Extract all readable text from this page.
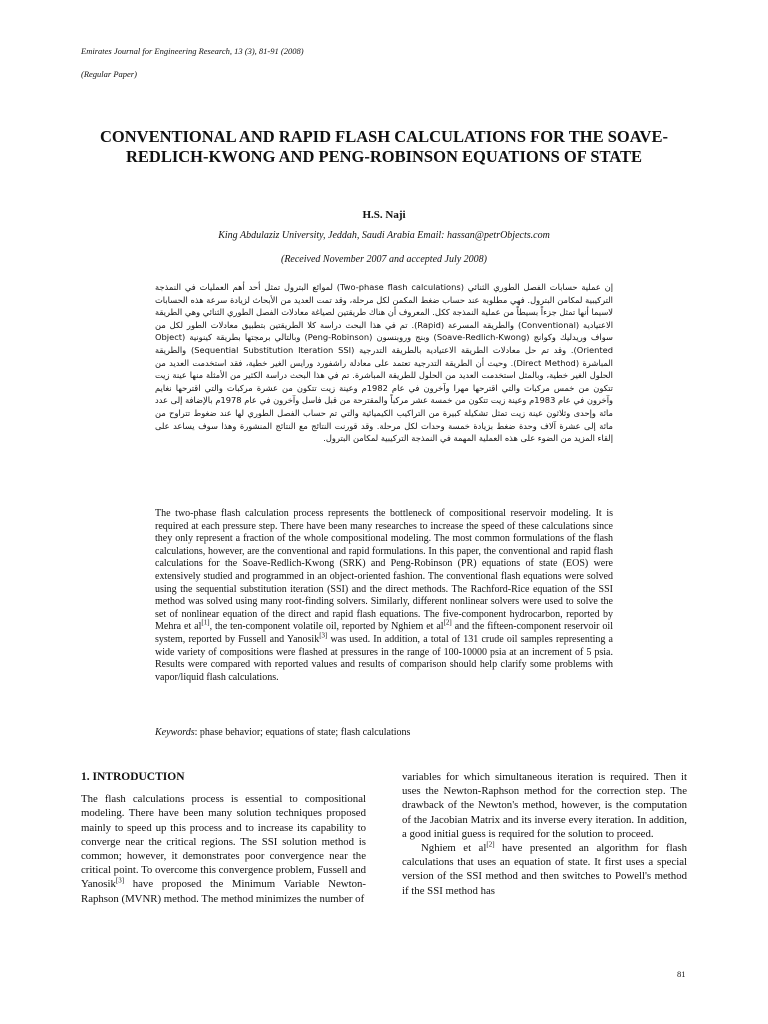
Emirates Journal for Engineering Research, 13 (3), 81-91 (2008)
(Regular Paper)
CONVENTIONAL AND RAPID FLASH CALCULATIONS FOR THE SOAVE-REDLICH-KWONG AND PENG-ROBINSON EQUATIONS OF STATE
H.S. Naji
King Abdulaziz University, Jeddah, Saudi Arabia Email: hassan@petrObjects.com
(Received November 2007 and accepted July 2008)
إن عملية حسابات الفصل الطوري الثنائي (Two-phase flash calculations) لموائع البترول تمثل أحد أهم العمليات في النمذجة التركيبية لمكامن البترول. فهي مطلوبة عند حساب ضغط المكمن لكل مرحلة، وقد تمت العديد من الأبحاث لزيادة سرعة هذه الحسابات لاسيما أنها تمثل جزءاً بسيطاً من عملية النمذجة ككل. المعروف أن هناك طريقتين لصياغة معادلات الفصل الطوري الثنائي وهي الطريقة الاعتيادية (Conventional) والطريقة المسرعة (Rapid). تم في هذا البحث دراسة كلا الطريقتين بتطبيق معادلات الطور لكل من سواف وريدليك وكوانج (Soave-Redlich-Kwong) وبنج وروبنسون (Peng-Robinson) وبالتالي برمجتها بطريقة كينونية (Object Oriented). وقد تم حل معادلات الطريقة الاعتيادية بالطريقة التدرجية (Sequential Substitution Iteration SSI) والطريقة المباشرة (Direct Method). وحيث أن الطريقة التدرجية تعتمد على معادلة راشفورد ورايس الغير خطية، فقد استخدمت العديد من الحلول الغير خطية، وبالمثل استخدمت العديد من الحلول للطريقة المباشرة. تم في هذا البحث دراسة الكثير من الأمثلة منها عينة زيت تتكون من خمس مركبات والتي اقترحها مهرا وآخرون في عام 1982م وعينة زيت تتكون من عشرة مركبات والتي اقترحها نغايم وآخرون في عام 1983م وعينة زيت تتكون من خمسة عشر مركباً والمقترحة من قبل فاسل وآخرون في عام 1978م بالإضافة إلى عدد مائة وإحدى وثلاثون عينة زيت تمثل تشكيلة كبيرة من التراكيب الكيميائية والتي تم حساب الفصل الطوري لها عند ضغوط تتراوح من مائة إلى عشرة آلاف وحدة ضغط بزيادة خمسة وحدات لكل مرحلة. وقد قورنت النتائج مع النتائج المنشورة وهذا سوف يساعد على إلقاء المزيد من الضوء على هذه العملية المهمة في النمذجة التركيبية لمكامن البترول.
The two-phase flash calculation process represents the bottleneck of compositional reservoir modeling. It is required at each pressure step. There have been many researches to increase the speed of these calculations since they only represent a fraction of the whole compositional modeling. The most common formulations of the flash calculations, however, are the conventional and rapid formulations. In this paper, the conventional and rapid flash calculations for the Soave-Redlich-Kwong (SRK) and Peng-Robinson (PR) equations of state (EOS) were extensively studied and programmed in an object-oriented fashion. The conventional flash equations were solved using the sequential substitution iteration (SSI) and the direct methods. The Rachford-Rice equation of the SSI method was solved using many root-finding solvers. Similarly, different nonlinear solvers were used to solve the set of nonlinear equation of the direct and rapid flash equations. The five-component hydrocarbon, reported by Mehra et al[1], the ten-component volatile oil, reported by Nghiem et al[2] and the fifteen-component reservoir oil system, reported by Fussell and Yanosik[3] was used. In addition, a total of 131 crude oil samples representing a wide variety of compositions were flashed at pressures in the range of 100-10000 psia at an increment of 5 psia. Results were compared with reported values and results of comparison should help clarify some problems with vapor/liquid flash calculations.
Keywords: phase behavior; equations of state; flash calculations
1. INTRODUCTION

The flash calculations process is essential to compositional modeling. There have been many solution techniques proposed mainly to speed up this process and to increase its capability to converge near the critical regions. The SSI solution method is common; however, it demonstrates poor convergence near the critical point. To overcome this convergence problem, Fussell and Yanosik[3] have proposed the Minimum Variable Newton-Raphson (MVNR) method. The method minimizes the number of

variables for which simultaneous iteration is required. Then it uses the Newton-Raphson method for the correction step. The drawback of the Newton's method, however, is the computation of the Jacobian Matrix and its inverse every iteration. In addition, a good initial guess is required for the solution to proceed.

Nghiem et al[2] have presented an algorithm for flash calculations that uses an equation of state. It first uses a special version of the SSI method and then switches to Powell's method if the SSI method has

81
